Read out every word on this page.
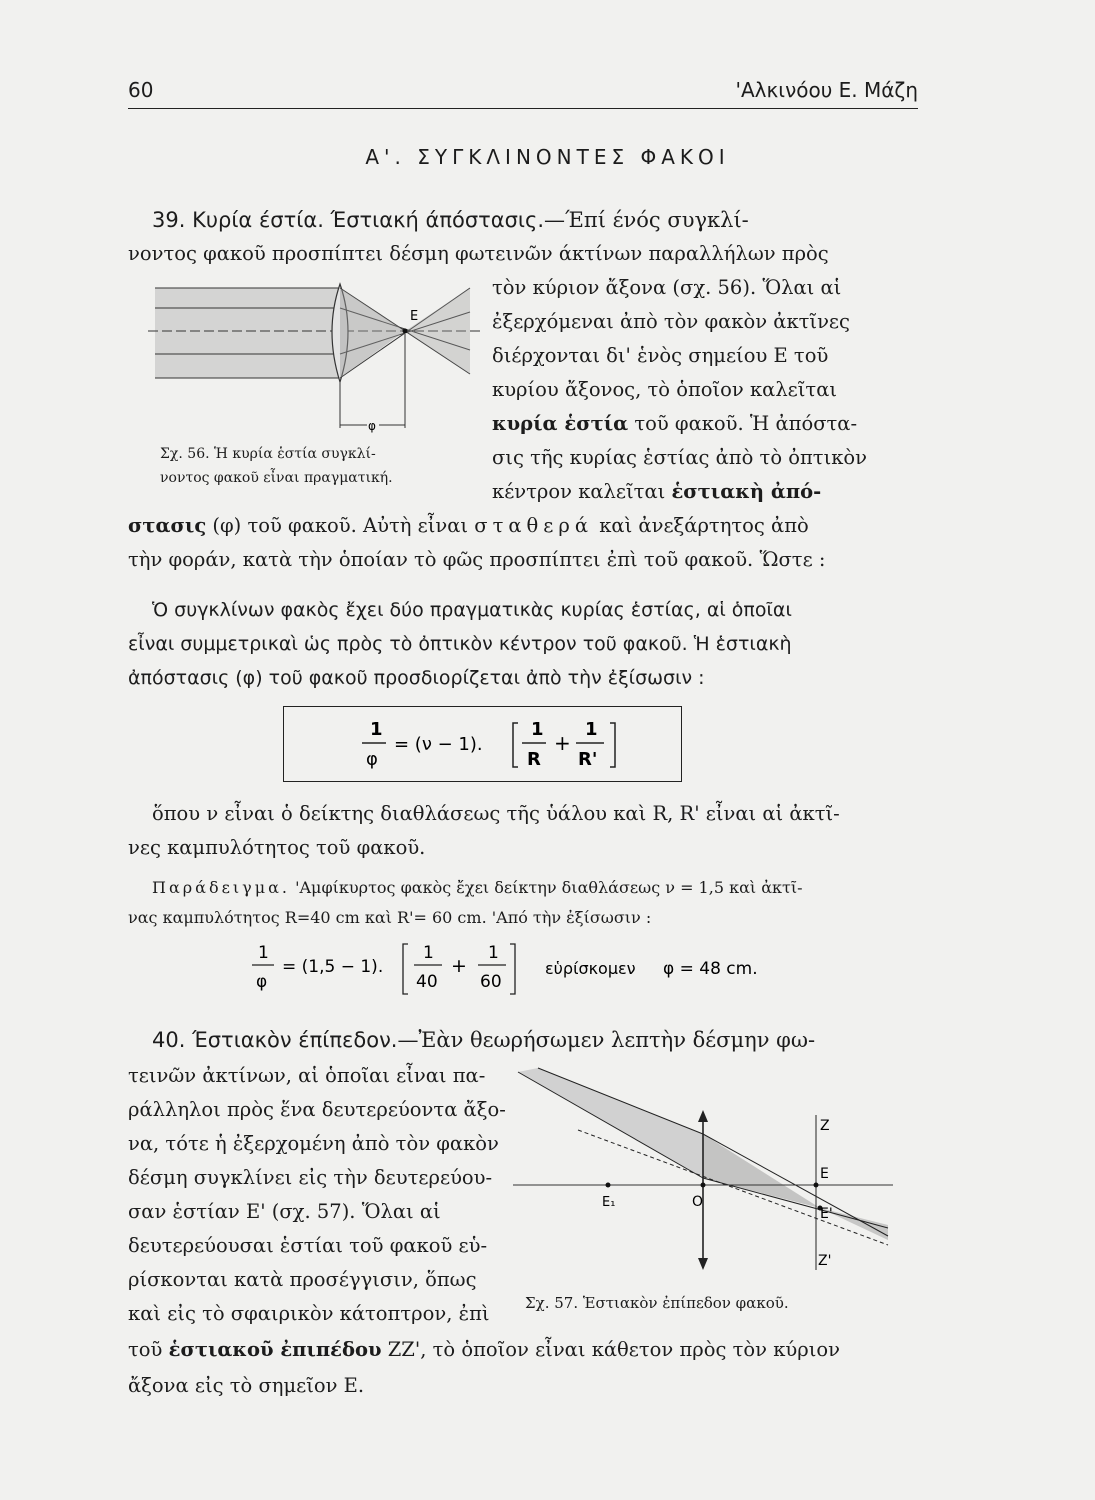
60	'Αλκινόου Ε. Μάζη
Α'. ΣΥΓΚΛΙΝΟΝΤΕΣ ΦΑΚΟΙ
39. Κυρία έστία. Έστιακή άπόστασις.—Έπί ένός συγκλί-
νοντος φακοῦ προσπίπτει δέσμη φωτεινῶν άκτίνων παραλλήλων πρὸς
τὸν κύριον ἄξονα (σχ. 56). Ὅλαι αἱ
ἐξερχόμεναι ἀπὸ τὸν φακὸν ἀκτῖνες
διέρχονται δι' ἑνὸς σημείου Ε τοῦ
κυρίου ἄξονος, τὸ ὁποῖον καλεῖται
κυρία ἑστία τοῦ φακοῦ. Ἡ ἀπόστα-
σις τῆς κυρίας ἑστίας ἀπὸ τὸ ὀπτικὸν
κέντρον καλεῖται ἑστιακὴ ἀπό-
στασις (φ) τοῦ φακοῦ. Αὐτὴ εἶναι σταθερά καὶ ἀνεξάρτητος ἀπὸ
τὴν φοράν, κατὰ τὴν ὁποίαν τὸ φῶς προσπίπτει ἐπὶ τοῦ φακοῦ. Ὥστε :
E
φ
Σχ. 56. Ἡ κυρία ἑστία συγκλί-
νοντος φακοῦ εἶναι πραγματική.
Ὁ συγκλίνων φακὸς ἔχει δύο πραγματικὰς κυρίας ἑστίας, αἱ ὁποῖαι
εἶναι συμμετρικαὶ ὡς πρὸς τὸ ὀπτικὸν κέντρον τοῦ φακοῦ. Ἡ ἑστιακὴ
ἀπόστασις (φ) τοῦ φακοῦ προσδιορίζεται ἀπὸ τὴν ἐξίσωσιν :
1
φ
= (ν − 1).
1
R
+
1
R'
ὅπου ν εἶναι ὁ δείκτης διαθλάσεως τῆς ὑάλου καὶ R, R' εἶναι αἱ ἀκτῖ-
νες καμπυλότητος τοῦ φακοῦ.
Παράδειγμα. 'Αμφίκυρτος φακὸς ἔχει δείκτην διαθλάσεως ν = 1,5 καὶ ἀκτῖ-
νας καμπυλότητος R=40 cm καὶ R'= 60 cm. 'Από τὴν ἐξίσωσιν :
1
φ
= (1,5 − 1).
1
40
+
1
60
εὑρίσκομεν φ = 48 cm.
40. Έστιακὸν έπίπεδον.—Ἐὰν θεωρήσωμεν λεπτὴν δέσμην φω-
τεινῶν ἀκτίνων, αἱ ὁποῖαι εἶναι πα-
ράλληλοι πρὸς ἕνα δευτερεύοντα ἄξο-
να, τότε ἡ ἐξερχομένη ἀπὸ τὸν φακὸν
δέσμη συγκλίνει εἰς τὴν δευτερεύου-
σαν ἑστίαν Ε' (σχ. 57). Ὅλαι αἱ
δευτερεύουσαι ἑστίαι τοῦ φακοῦ εὑ-
ρίσκονται κατὰ προσέγγισιν, ὅπως
καὶ εἰς τὸ σφαιρικὸν κάτοπτρον, ἐπὶ
τοῦ ἑστιακοῦ ἐπιπέδου ΖΖ', τὸ ὁποῖον εἶναι κάθετον πρὸς τὸν κύριον
ἄξονα εἰς τὸ σημεῖον Ε.
Z
Z'
E
E'
O
E₁
Σχ. 57. Ἑστιακὸν ἐπίπεδον φακοῦ.
